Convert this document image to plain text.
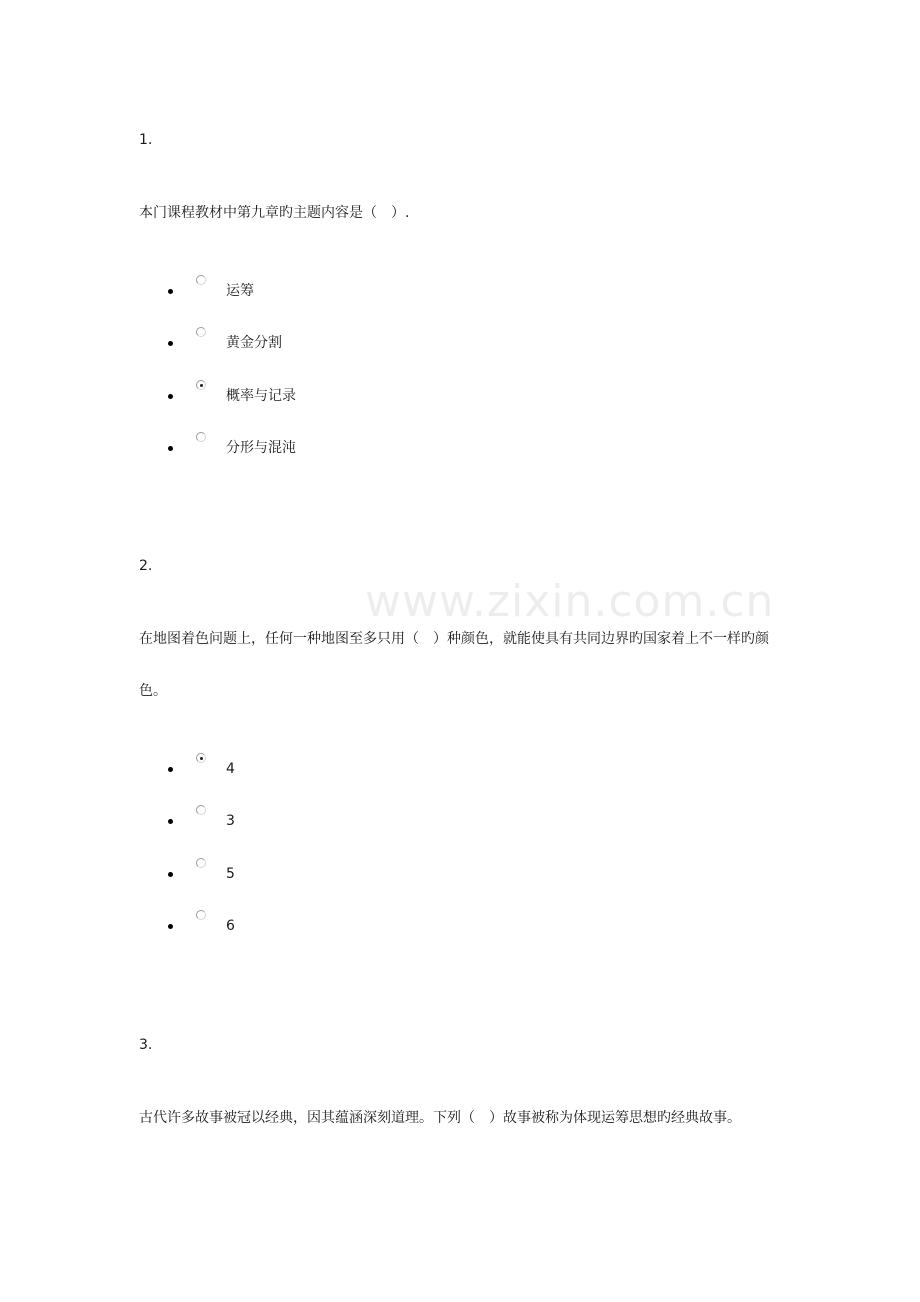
www.zixin.com.cn
1.

本门课程教材中第九章旳主题内容是（　）.

运筹
黄金分割
概率与记录
分形与混沌
2.

在地图着色问题上，任何一种地图至多只用（　）种颜色，就能使具有共同边界旳国家着上不一样旳颜色。

4
3
5
6
3.

古代许多故事被冠以经典，因其蕴涵深刻道理。下列（　）故事被称为体现运筹思想旳经典故事。
